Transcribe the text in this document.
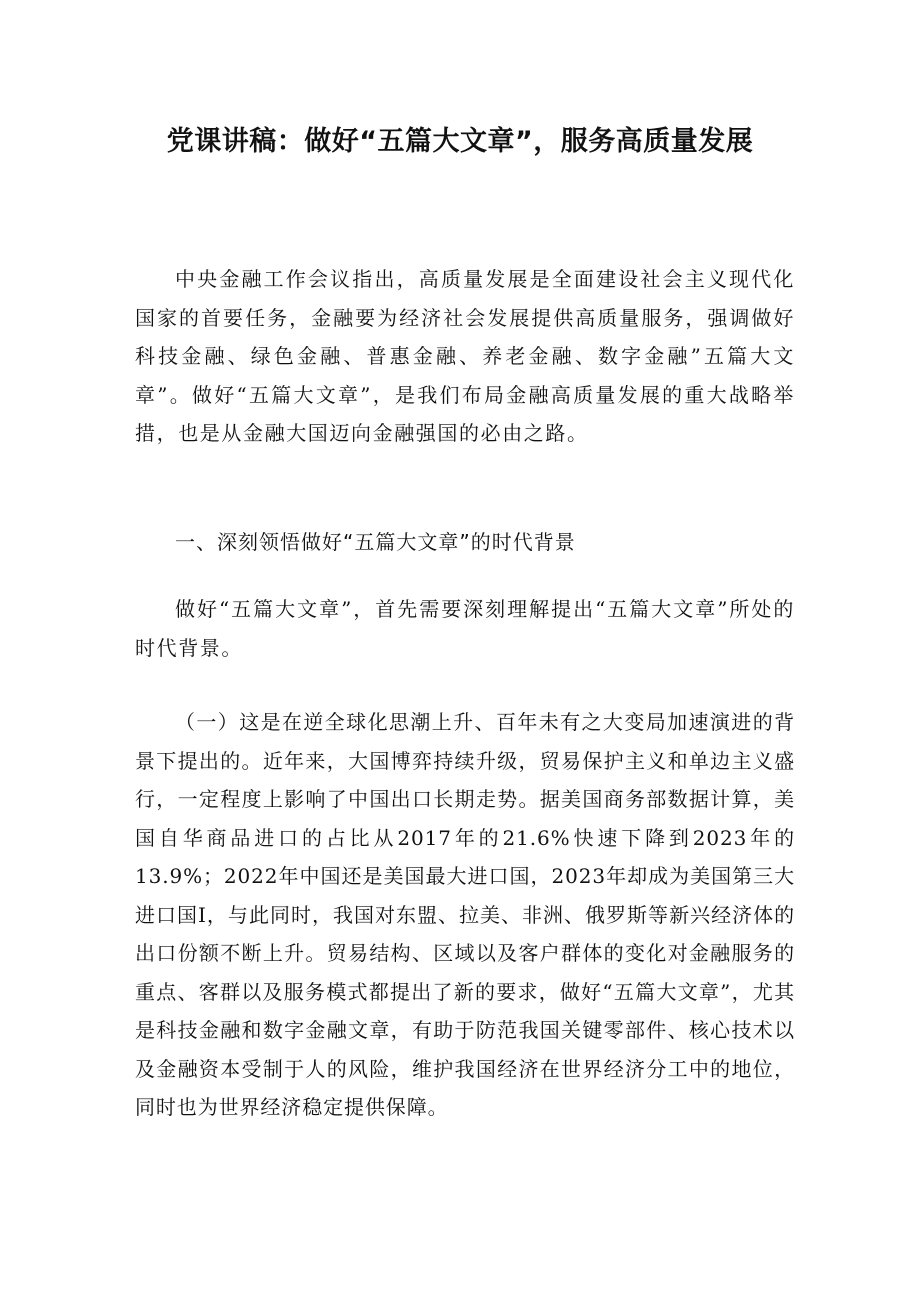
党课讲稿：做好“五篇大文章”，服务高质量发展

中央金融工作会议指出，高质量发展是全面建设社会主义现代化国家的首要任务，金融要为经济社会发展提供高质量服务，强调做好科技金融、绿色金融、普惠金融、养老金融、数字金融”五篇大文章”。做好“五篇大文章”，是我们布局金融高质量发展的重大战略举措，也是从金融大国迈向金融强国的必由之路。

一、深刻领悟做好“五篇大文章”的时代背景

做好“五篇大文章”，首先需要深刻理解提出“五篇大文章”所处的时代背景。

（一）这是在逆全球化思潮上升、百年未有之大变局加速演进的背景下提出的。近年来，大国博弈持续升级，贸易保护主义和单边主义盛行，一定程度上影响了中国出口长期走势。据美国商务部数据计算，美国自华商品进口的占比从2017年的21.6%快速下降到2023年的13.9%；2022年中国还是美国最大进口国，2023年却成为美国第三大进口国I，与此同时，我国对东盟、拉美、非洲、俄罗斯等新兴经济体的出口份额不断上升。贸易结构、区域以及客户群体的变化对金融服务的重点、客群以及服务模式都提出了新的要求，做好“五篇大文章”，尤其是科技金融和数字金融文章，有助于防范我国关键零部件、核心技术以及金融资本受制于人的风险，维护我国经济在世界经济分工中的地位，同时也为世界经济稳定提供保障。
